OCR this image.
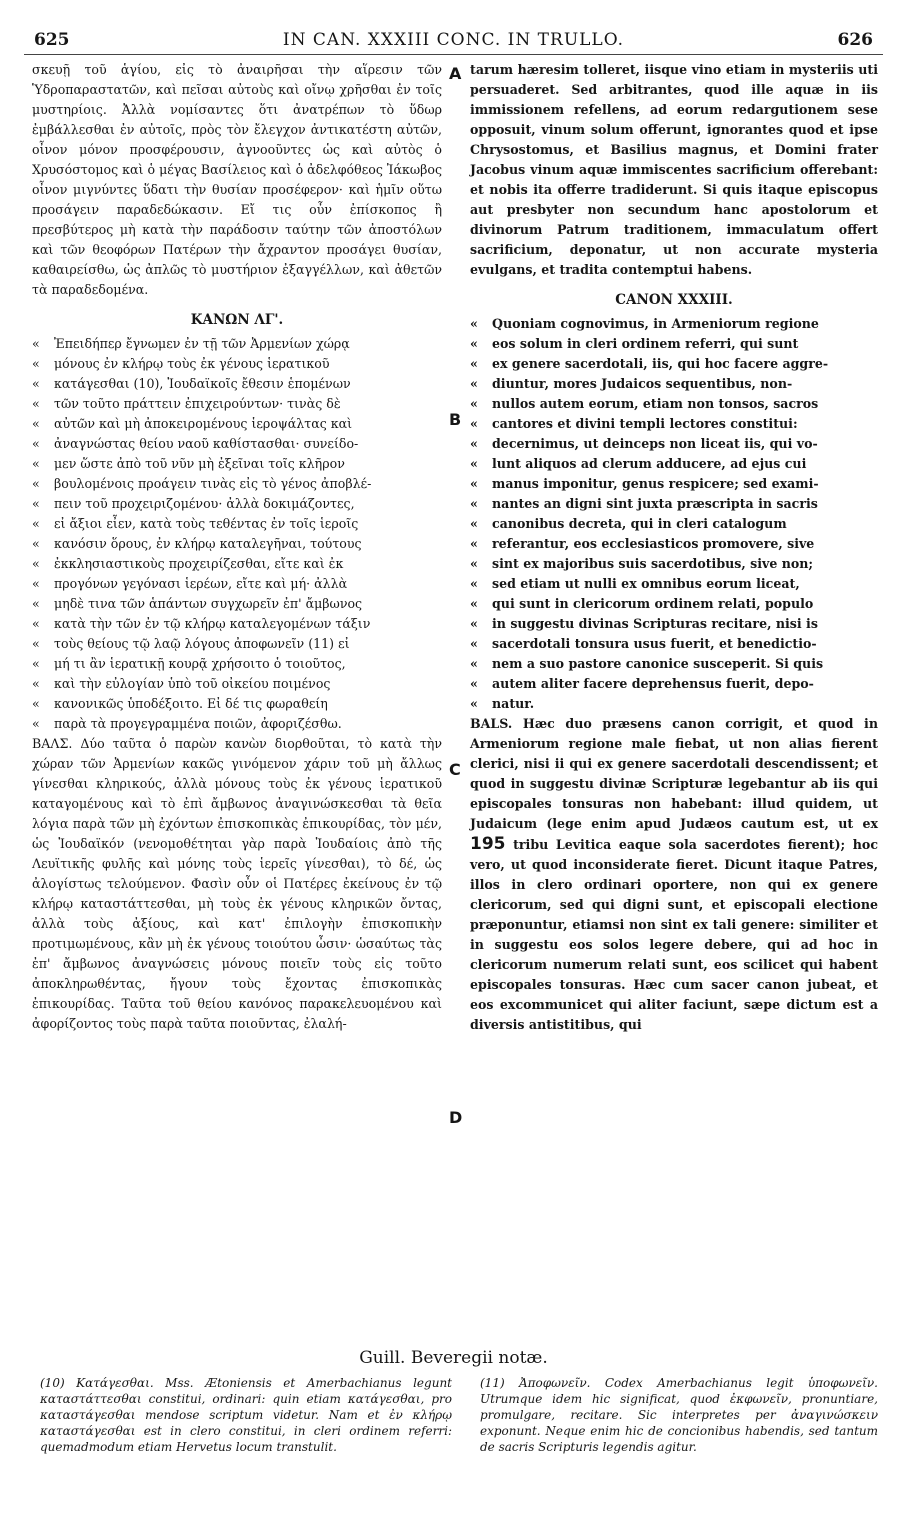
625	IN CAN. XXXIII CONC. IN TRULLO.	626

σκευῇ τοῦ ἁγίου, εἰς τὸ ἀναιρῆσαι τὴν αἵρεσιν τῶν Ὑδροπαραστατῶν, καὶ πεῖσαι αὐτοὺς καὶ οἴνῳ χρῆσθαι ἐν τοῖς μυστηρίοις. Ἀλλὰ νομίσαντες ὅτι ἀνατρέπων τὸ ὕδωρ ἐμβάλλεσθαι ἐν αὐτοῖς, πρὸς τὸν ἔλεγχον ἀντικατέστη αὐτῶν, οἶνον μόνον προσφέρουσιν, ἀγνοοῦντες ὡς καὶ αὐτὸς ὁ Χρυσόστομος καὶ ὁ μέγας Βασίλειος καὶ ὁ ἀδελφόθεος Ἰάκωβος οἶνον μιγνύντες ὕδατι τὴν θυσίαν προσέφερον· καὶ ἡμῖν οὕτω προσάγειν παραδεδώκασιν. Εἴ τις οὖν ἐπίσκοπος ἢ πρεσβύτερος μὴ κατὰ τὴν παράδοσιν ταύτην τῶν ἀποστόλων καὶ τῶν θεοφόρων Πατέρων τὴν ἄχραντον προσάγει θυσίαν, καθαιρείσθω, ὡς ἀπλῶς τὸ μυστήριον ἐξαγγέλλων, καὶ ἀθετῶν τὰ παραδεδομένα.

ΚΑΝΩΝ ΛΓ'.
« Ἐπειδήπερ ἔγνωμεν ἐν τῇ τῶν Ἀρμενίων χώρᾳ
« μόνους ἐν κλήρῳ τοὺς ἐκ γένους ἱερατικοῦ
« κατάγεσθαι (10), Ἰουδαϊκοῖς ἔθεσιν ἑπομένων
« τῶν τοῦτο πράττειν ἐπιχειρούντων· τινὰς δὲ
« αὐτῶν καὶ μὴ ἀποκειρομένους ἱεροψάλτας καὶ
« ἀναγνώστας θείου ναοῦ καθίστασθαι· συνείδο-
« μεν ὥστε ἀπὸ τοῦ νῦν μὴ ἐξεῖναι τοῖς κλῆρον
« βουλομένοις προάγειν τινὰς εἰς τὸ γένος ἀποβλέ-
« πειν τοῦ προχειριζομένου· ἀλλὰ δοκιμάζοντες,
« εἰ ἄξιοι εἶεν, κατὰ τοὺς τεθέντας ἐν τοῖς ἱεροῖς
« κανόσιν ὅρους, ἐν κλήρῳ καταλεγῆναι, τούτους
« ἐκκλησιαστικοὺς προχειρίζεσθαι, εἴτε καὶ ἐκ
« προγόνων γεγόνασι ἱερέων, εἴτε καὶ μή· ἀλλὰ
« μηδὲ τινα τῶν ἁπάντων συγχωρεῖν ἐπ' ἄμβωνος
« κατὰ τὴν τῶν ἐν τῷ κλήρῳ καταλεγομένων τάξιν
« τοὺς θείους τῷ λαῷ λόγους ἀποφωνεῖν (11) εἰ
« μή τι ἂν ἱερατικῇ κουρᾷ χρήσοιτο ὁ τοιοῦτος,
« καὶ τὴν εὐλογίαν ὑπὸ τοῦ οἰκείου ποιμένος
« κανονικῶς ὑποδέξοιτο. Εἰ δέ τις φωραθείη
« παρὰ τὰ προγεγραμμένα ποιῶν, ἀφοριζέσθω.

ΒΑΛΣ. Δύο ταῦτα ὁ παρὼν κανὼν διορθοῦται, τὸ κατὰ τὴν χώραν τῶν Ἀρμενίων κακῶς γινόμενον χάριν τοῦ μὴ ἄλλως γίνεσθαι κληρικούς, ἀλλὰ μόνους τοὺς ἐκ γένους ἱερατικοῦ καταγομένους καὶ τὸ ἐπὶ ἄμβωνος ἀναγινώσκεσθαι τὰ θεῖα λόγια παρὰ τῶν μὴ ἐχόντων ἐπισκοπικὰς ἐπικουρίδας, τὸν μέν, ὡς Ἰουδαϊκόν (νενομοθέτηται γὰρ παρὰ Ἰουδαίοις ἀπὸ τῆς Λευϊτικῆς φυλῆς καὶ μόνης τοὺς ἱερεῖς γίνεσθαι), τὸ δέ, ὡς ἀλογίστως τελούμενον. Φασὶν οὖν οἱ Πατέρες ἐκείνους ἐν τῷ κλήρῳ καταστάττεσθαι, μὴ τοὺς ἐκ γένους κληρικῶν ὄντας, ἀλλὰ τοὺς ἀξίους, καὶ κατ' ἐπιλογὴν ἐπισκοπικὴν προτιμωμένους, κἂν μὴ ἐκ γένους τοιούτου ὦσιν· ὡσαύτως τὰς ἐπ' ἄμβωνος ἀναγνώσεις μόνους ποιεῖν τοὺς εἰς τοῦτο ἀποκληρωθέντας, ἤγουν τοὺς ἔχοντας ἐπισκοπικὰς ἐπικουρίδας. Ταῦτα τοῦ θείου κανόνος παρακελευομένου καὶ ἀφορίζοντος τοὺς παρὰ ταῦτα ποιοῦντας, ἐλαλή-

tarum hæresim tolleret, iisque vino etiam in mysteriis uti persuaderet. Sed arbitrantes, quod ille aquæ in iis immissionem refellens, ad eorum redargutionem sese opposuit, vinum solum offerunt, ignorantes quod et ipse Chrysostomus, et Basilius magnus, et Domini frater Jacobus vinum aquæ immiscentes sacrificium offerebant: et nobis ita offerre tradiderunt. Si quis itaque episcopus aut presbyter non secundum hanc apostolorum et divinorum Patrum traditionem, immaculatum offert sacrificium, deponatur, ut non accurate mysteria evulgans, et tradita contemptui habens.

CANON XXXIII.
« Quoniam cognovimus, in Armeniorum regione
« eos solum in cleri ordinem referri, qui sunt
« ex genere sacerdotali, iis, qui hoc facere aggre-
« diuntur, mores Judaicos sequentibus, non-
« nullos autem eorum, etiam non tonsos, sacros
« cantores et divini templi lectores constitui:
« decernimus, ut deinceps non liceat iis, qui vo-
« lunt aliquos ad clerum adducere, ad ejus cui
« manus imponitur, genus respicere; sed exami-
« nantes an digni sint juxta præscripta in sacris
« canonibus decreta, qui in cleri catalogum
« referantur, eos ecclesiasticos promovere, sive
« sint ex majoribus suis sacerdotibus, sive non;
« sed etiam ut nulli ex omnibus eorum liceat,
« qui sunt in clericorum ordinem relati, populo
« in suggestu divinas Scripturas recitare, nisi is
« sacerdotali tonsura usus fuerit, et benedictio-
« nem a suo pastore canonice susceperit. Si quis
« autem aliter facere deprehensus fuerit, depo-
« natur.

BALS. Hæc duo præsens canon corrigit, et quod in Armeniorum regione male fiebat, ut non alias fierent clerici, nisi ii qui ex genere sacerdotali descendissent; et quod in suggestu divinæ Scripturæ legebantur ab iis qui episcopales tonsuras non habebant: illud quidem, ut Judaicum (lege enim apud Judæos cautum est, ut ex 195 tribu Levitica eaque sola sacerdotes fierent); hoc vero, ut quod inconsiderate fieret. Dicunt itaque Patres, illos in clero ordinari oportere, non qui ex genere clericorum, sed qui digni sunt, et episcopali electione præponuntur, etiamsi non sint ex tali genere: similiter et in suggestu eos solos legere debere, qui ad hoc in clericorum numerum relati sunt, eos scilicet qui habent episcopales tonsuras. Hæc cum sacer canon jubeat, et eos excommunicet qui aliter faciunt, sæpe dictum est a diversis antistitibus, qui

A
B
C
D
Guill. Beveregii notæ.
(10) Κατάγεσθαι. Mss. Ætoniensis et Amerbachianus legunt καταστάττεσθαι constitui, ordinari: quin etiam κατάγεσθαι, pro καταστάγεσθαι mendose scriptum videtur. Nam et ἐν κλήρῳ καταστάγεσθαι est in clero constitui, in cleri ordinem referri: quemadmodum etiam Hervetus locum transtulit.
(11) Ἀποφωνεῖν. Codex Amerbachianus legit ὑποφωνεῖν. Utrumque idem hic significat, quod ἐκφωνεῖν, pronuntiare, promulgare, recitare. Sic interpretes per ἀναγινώσκειν exponunt. Neque enim hic de concionibus habendis, sed tantum de sacris Scripturis legendis agitur.
